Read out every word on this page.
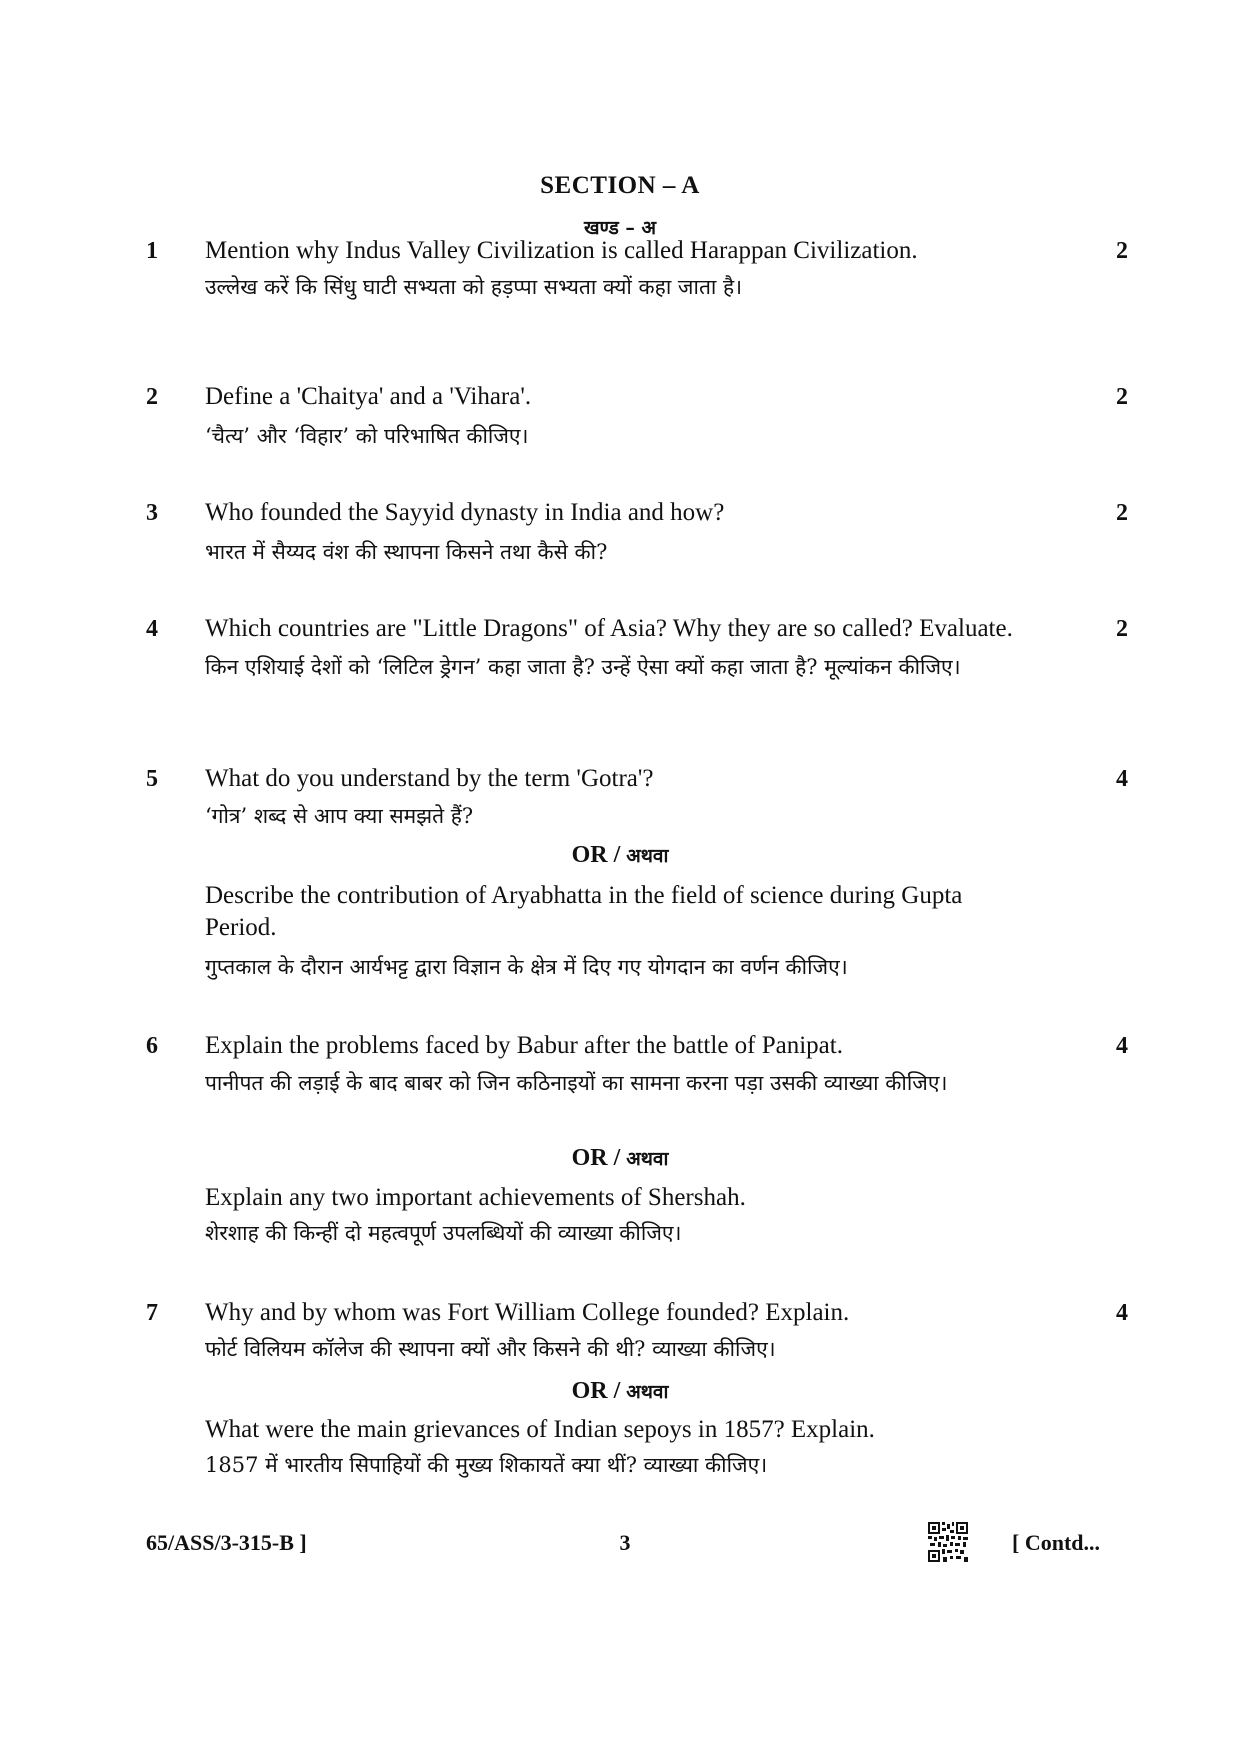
SECTION – A
खण्ड – अ
1	Mention why Indus Valley Civilization is called Harappan Civilization.	2
उल्लेख करें कि सिंधु घाटी सभ्यता को हड़प्पा सभ्यता क्यों कहा जाता है।
2	Define a 'Chaitya' and a 'Vihara'.	2
‘चैत्य’ और ‘विहार’ को परिभाषित कीजिए।
3	Who founded the Sayyid dynasty in India and how?	2
भारत में सैय्यद वंश की स्थापना किसने तथा कैसे की?
4	Which countries are "Little Dragons" of Asia? Why they are so called? Evaluate.	2
किन एशियाई देशों को ‘लिटिल ड्रेगन’ कहा जाता है? उन्हें ऐसा क्यों कहा जाता है? मूल्यांकन कीजिए।
5	What do you understand by the term 'Gotra'?	4
‘गोत्र’ शब्द से आप क्या समझते हैं?
OR / अथवा
Describe the contribution of Aryabhatta in the field of science during Gupta Period.
गुप्तकाल के दौरान आर्यभट्ट द्वारा विज्ञान के क्षेत्र में दिए गए योगदान का वर्णन कीजिए।
6	Explain the problems faced by Babur after the battle of Panipat.	4
पानीपत की लड़ाई के बाद बाबर को जिन कठिनाइयों का सामना करना पड़ा उसकी व्याख्या कीजिए।
OR / अथवा
Explain any two important achievements of Shershah.
शेरशाह की किन्हीं दो महत्वपूर्ण उपलब्धियों की व्याख्या कीजिए।
7	Why and by whom was Fort William College founded? Explain.	4
फोर्ट विलियम कॉलेज की स्थापना क्यों और किसने की थी? व्याख्या कीजिए।
OR / अथवा
What were the main grievances of Indian sepoys in 1857? Explain.
1857 में भारतीय सिपाहियों की मुख्य शिकायतें क्या थीं? व्याख्या कीजिए।
65/ASS/3-315-B ]	3	[ Contd...
